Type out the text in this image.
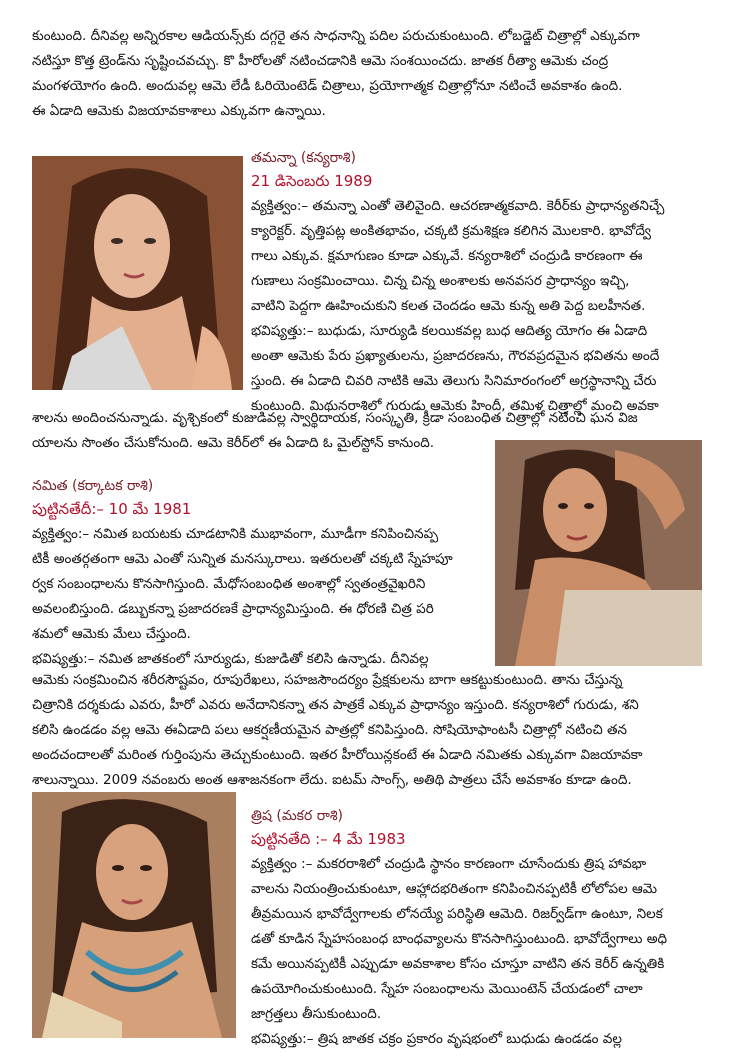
కుంటుంది. దీనివల్ల అన్నిరకాల ఆడియన్స్‌కు దగ్గరై తన సాధనాన్ని పదిల పరుచుకుంటుంది. లోబడ్జెట్ చిత్రాల్లో ఎక్కువగా
నటిస్తూ కొత్త ట్రెండ్‌ను సృష్టించవచ్చు. కొ హీరోలతో నటించడానికి ఆమె సంశయించదు. జాతక రీత్యా ఆమెకు చంద్ర
మంగళయోగం ఉంది. అందువల్ల ఆమె లేడీ ఓరియెంటెడ్ చిత్రాలు, ప్రయోగాత్మక చిత్రాల్లోనూ నటించే అవకాశం ఉంది.
ఈ ఏడాది ఆమెకు విజయావకాశాలు ఎక్కువగా ఉన్నాయి.
తమన్నా (కన్యరాశి)
21 డిసెంబరు 1989
వ్యక్తిత్వం:– తమన్నా ఎంతో తెలివైంది. ఆచరణాత్మకవాది. కెరీర్‌కు ప్రాధాన్యతనిచ్చే
క్యారెక్టర్. వృత్తిపట్ల అంకితభావం, చక్కటి క్రమశిక్షణ కలిగిన మొలకారి. భావోద్వే
గాలు ఎక్కువ. క్షమాగుణం కూడా ఎక్కువే. కన్యరాశిలో చంద్రుడి కారణంగా ఈ
గుణాలు సంక్రమించాయి. చిన్న చిన్న అంశాలకు అనవసర ప్రాధాన్యం ఇచ్చి,
వాటిని పెద్దగా ఊహించుకుని కలత చెందడం ఆమె కున్న అతి పెద్ద బలహీనత.
భవిష్యత్తు:– బుధుడు, సూర్యుడి కలయికవల్ల బుధ ఆదిత్య యోగం ఈ ఏడాది
అంతా ఆమెకు పేరు ప్రఖ్యాతులను, ప్రజాదరణను, గౌరవప్రదమైన భవితను అందే
స్తుంది. ఈ ఏడాది చివరి నాటికి ఆమె తెలుగు సినిమారంగంలో అగ్రస్థానాన్ని చేరు
కుంటుంది. మిథునరాశిలో గురుడు ఆమెకు హిందీ, తమిళ చిత్రాల్లో మంచి అవకా
శాలను అందించనున్నాడు. వృశ్చికంలో కుజుడివల్ల స్వార్థిదాయక, సంస్కృతి, క్రీడా సంబంధిత చిత్రాల్లో నటించి ఘన విజ
యాలను సొంతం చేసుకోనుంది. ఆమె కెరీర్‌లో ఈ ఏడాది ఓ మైల్‌స్టోన్ కానుంది.
నమిత (కర్కాటక రాశి)
పుట్టినతేదీ:– 10 మే 1981
వ్యక్తిత్వం:– నమిత బయటకు చూడటానికి ముభావంగా, మూడీగా కనిపించినప్ప
టికీ అంతర్గతంగా ఆమె ఎంతో సున్నిత మనస్కురాలు. ఇతరులతో చక్కటి స్నేహపూ
ర్వక సంబంధాలను కొనసాగిస్తుంది. మేధోసంబంధిత అంశాల్లో స్వతంత్రవైఖరిని
అవలంబిస్తుంది. డబ్బుకన్నా ప్రజాదరణకే ప్రాధాన్యమిస్తుంది. ఈ ధోరణి చిత్ర పరి
శమలో ఆమెకు మేలు చేస్తుంది.
భవిష్యత్తు:– నమిత జాతకంలో సూర్యుడు, కుజుడితో కలిసి ఉన్నాడు. దీనివల్ల
ఆమెకు సంక్రమించిన శరీరసౌష్టవం, రూపురేఖలు, సహజసౌందర్యం ప్రేక్షకులను బాగా ఆకట్టుకుంటుంది. తాను చేస్తున్న
చిత్రానికి దర్శకుడు ఎవరు, హీరో ఎవరు అనేదానికన్నా తన పాత్రకే ఎక్కువ ప్రాధాన్యం ఇస్తుంది. కన్యరాశిలో గురుడు, శని
కలిసి ఉండడం వల్ల ఆమె ఈఏడాది పలు ఆకర్షణీయమైన పాత్రల్లో కనిపిస్తుంది. సోషియోఫాంటసీ చిత్రాల్లో నటించి తన
అందచందాలతో మరింత గుర్తింపును తెచ్చుకుంటుంది. ఇతర హీరోయిన్లకంటే ఈ ఏడాది నమితకు ఎక్కువగా విజయావకా
శాలున్నాయి. 2009 నవంబరు అంత ఆశాజనకంగా లేదు. ఐటమ్ సాంగ్స్, అతిథి పాత్రలు చేసే అవకాశం కూడా ఉంది.
త్రిష (మకర రాశి)
పుట్టినతేది :– 4 మే 1983
వ్యక్తిత్వం :– మకరరాశిలో చంద్రుడి స్థానం కారణంగా చూసేందుకు త్రిష హావభా
వాలను నియంత్రించుకుంటూ, ఆహ్లాదభరితంగా కనిపించినప్పటికీ లోలోపల ఆమె
తీవ్రమయిన భావోద్వేగాలకు లోనయ్యే పరిస్థితి ఆమెది. రిజర్వ్‌డ్‌గా ఉంటూ, నిలక
డతో కూడిన స్నేహసంబంధ బాంధవ్యాలను కొనసాగిస్తుంటుంది. భావోద్వేగాలు అధి
కమే అయినప్పటికీ ఎప్పుడూ అవకాశాల కోసం చూస్తూ వాటిని తన కెరీర్ ఉన్నతికి
ఉపయోగించుకుంటుంది. స్నేహ సంబంధాలను మెయింటెన్ చేయడంలో చాలా
జాగ్రత్తలు తీసుకుంటుంది.
భవిష్యత్తు:– త్రిష జాతక చక్రం ప్రకారం వృషభంలో బుధుడు ఉండడం వల్ల
